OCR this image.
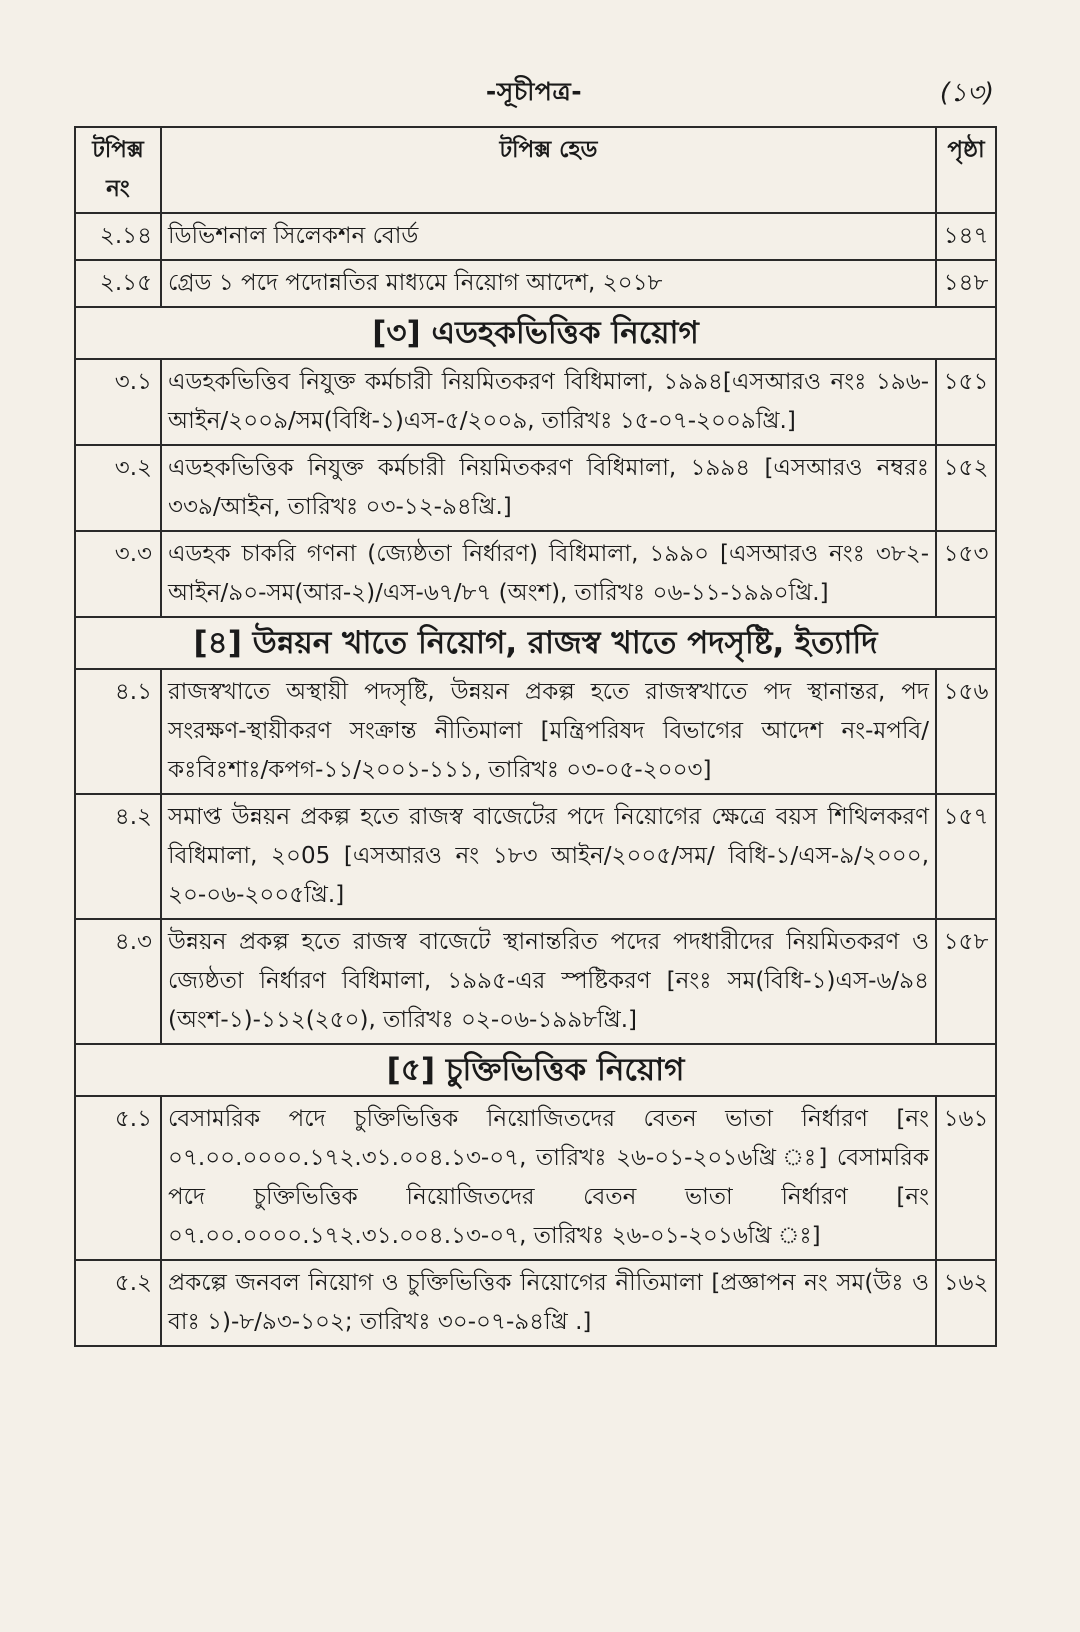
-সূচীপত্র-	(১৩)
টপিক্স নং	টপিক্স হেড	পৃষ্ঠা
২.১৪	ডিভিশনাল সিলেকশন বোর্ড	১৪৭
২.১৫	গ্রেড ১ পদে পদোন্নতির মাধ্যমে নিয়োগ আদেশ, ২০১৮	১৪৮
[৩] এডহকভিত্তিক নিয়োগ		
৩.১	এডহকভিত্তিব নিযুক্ত কর্মচারী নিয়মিতকরণ বিধিমালা, ১৯৯৪[এসআরও নংঃ ১৯৬-আইন/২০০৯/সম(বিধি-১)এস-৫/২০০৯, তারিখঃ ১৫-০৭-২০০৯খ্রি.]	১৫১
৩.২	এডহকভিত্তিক নিযুক্ত কর্মচারী নিয়মিতকরণ বিধিমালা, ১৯৯৪ [এসআরও নম্বরঃ ৩৩৯/আইন, তারিখঃ ০৩-১২-৯৪খ্রি.]	১৫২
৩.৩	এডহক চাকরি গণনা (জ্যেষ্ঠতা নির্ধারণ) বিধিমালা, ১৯৯০ [এসআরও নংঃ ৩৮২-আইন/৯০-সম(আর-২)/এস-৬৭/৮৭ (অংশ), তারিখঃ ০৬-১১-১৯৯০খ্রি.]	১৫৩
[৪] উন্নয়ন খাতে নিয়োগ, রাজস্ব খাতে পদসৃষ্টি, ইত্যাদি		
৪.১	রাজস্বখাতে অস্থায়ী পদসৃষ্টি, উন্নয়ন প্রকল্প হতে রাজস্বখাতে পদ স্থানান্তর, পদ সংরক্ষণ-স্থায়ীকরণ সংক্রান্ত নীতিমালা [মন্ত্রিপরিষদ বিভাগের আদেশ নং-মপবি/কঃবিঃশাঃ/কপগ-১১/২০০১-১১১, তারিখঃ ০৩-০৫-২০০৩]	১৫৬
৪.২	সমাপ্ত উন্নয়ন প্রকল্প হতে রাজস্ব বাজেটের পদে নিয়োগের ক্ষেত্রে বয়স শিথিলকরণ বিধিমালা, ২০05 [এসআরও নং ১৮৩ আইন/২০০৫/সম/ বিধি-১/এস-৯/২০০০, ২০-০৬-২০০৫খ্রি.]	১৫৭
৪.৩	উন্নয়ন প্রকল্প হতে রাজস্ব বাজেটে স্থানান্তরিত পদের পদধারীদের নিয়মিতকরণ ও জ্যেষ্ঠতা নির্ধারণ বিধিমালা, ১৯৯৫-এর স্পষ্টিকরণ [নংঃ সম(বিধি-১)এস-৬/৯৪ (অংশ-১)-১১২(২৫০), তারিখঃ ০২-০৬-১৯৯৮খ্রি.]	১৫৮
[৫] চুক্তিভিত্তিক নিয়োগ		
৫.১	বেসামরিক পদে চুক্তিভিত্তিক নিয়োজিতদের বেতন ভাতা নির্ধারণ [নং ০৭.০০.০০০০.১৭২.৩১.০০৪.১৩-০৭, তারিখঃ ২৬-০১-২০১৬খ্রি ঃ] বেসামরিক পদে চুক্তিভিত্তিক নিয়োজিতদের বেতন ভাতা নির্ধারণ [নং ০৭.০০.০০০০.১৭২.৩১.০০৪.১৩-০৭, তারিখঃ ২৬-০১-২০১৬খ্রি ঃ]	১৬১
৫.২	প্রকল্পে জনবল নিয়োগ ও চুক্তিভিত্তিক নিয়োগের নীতিমালা [প্রজ্ঞাপন নং সম(উঃ ও বাঃ ১)-৮/৯৩-১০২; তারিখঃ ৩০-০৭-৯৪খ্রি .]	১৬২
